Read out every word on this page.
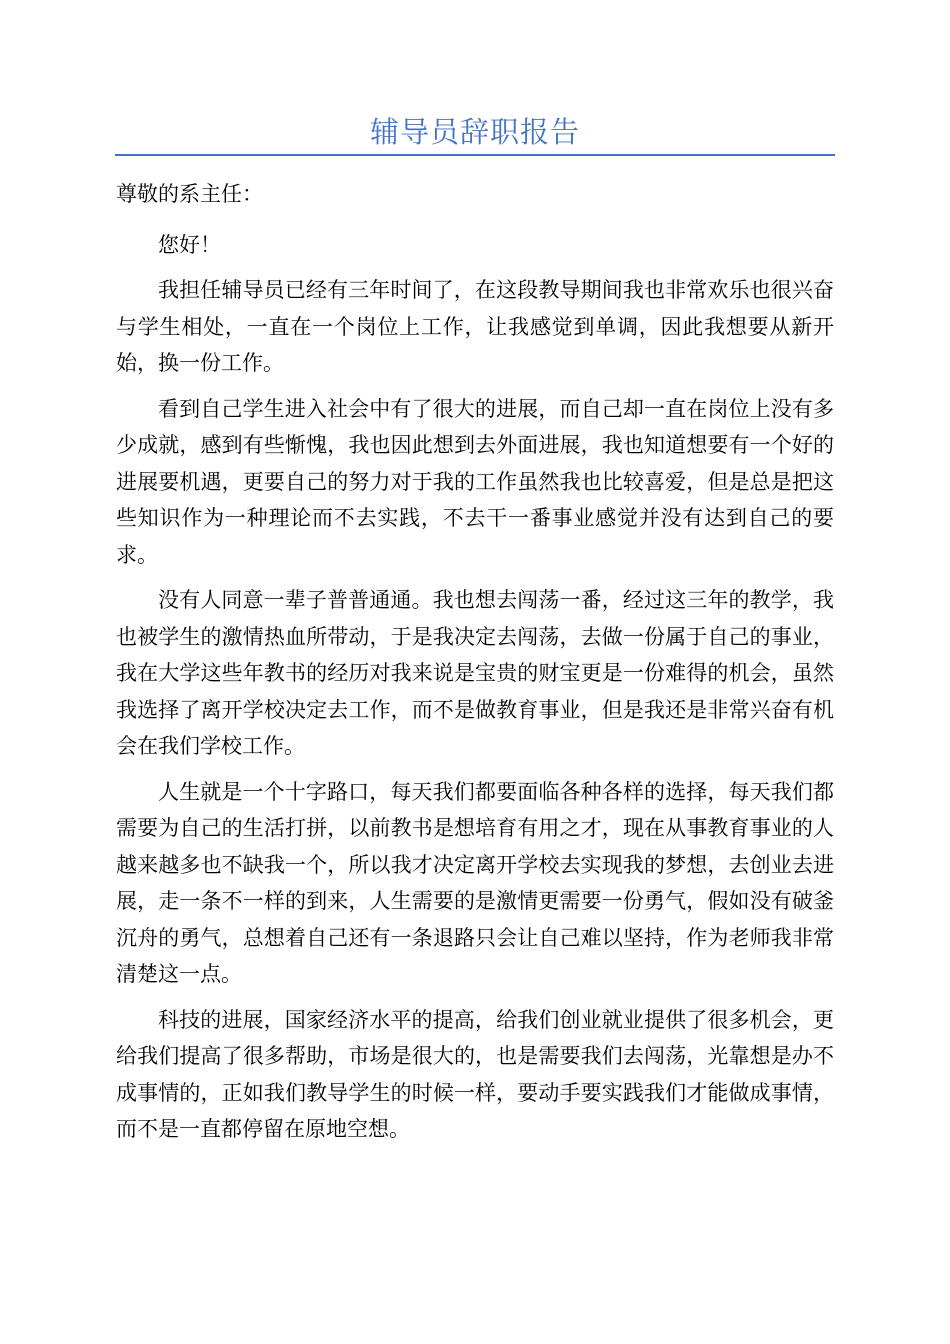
辅导员辞职报告

尊敬的系主任：

您好！

我担任辅导员已经有三年时间了，在这段教导期间我也非常欢乐也很兴奋与学生相处，一直在一个岗位上工作，让我感觉到单调，因此我想要从新开始，换一份工作。

看到自己学生进入社会中有了很大的进展，而自己却一直在岗位上没有多少成就，感到有些惭愧，我也因此想到去外面进展，我也知道想要有一个好的进展要机遇，更要自己的努力对于我的工作虽然我也比较喜爱，但是总是把这些知识作为一种理论而不去实践，不去干一番事业感觉并没有达到自己的要求。

没有人同意一辈子普普通通。我也想去闯荡一番，经过这三年的教学，我也被学生的激情热血所带动，于是我决定去闯荡，去做一份属于自己的事业，我在大学这些年教书的经历对我来说是宝贵的财宝更是一份难得的机会，虽然我选择了离开学校决定去工作，而不是做教育事业，但是我还是非常兴奋有机会在我们学校工作。

人生就是一个十字路口，每天我们都要面临各种各样的选择，每天我们都需要为自己的生活打拼，以前教书是想培育有用之才，现在从事教育事业的人越来越多也不缺我一个，所以我才决定离开学校去实现我的梦想，去创业去进展，走一条不一样的到来，人生需要的是激情更需要一份勇气，假如没有破釜沉舟的勇气，总想着自己还有一条退路只会让自己难以坚持，作为老师我非常清楚这一点。

科技的进展，国家经济水平的提高，给我们创业就业提供了很多机会，更给我们提高了很多帮助，市场是很大的，也是需要我们去闯荡，光靠想是办不成事情的，正如我们教导学生的时候一样，要动手要实践我们才能做成事情，而不是一直都停留在原地空想。
